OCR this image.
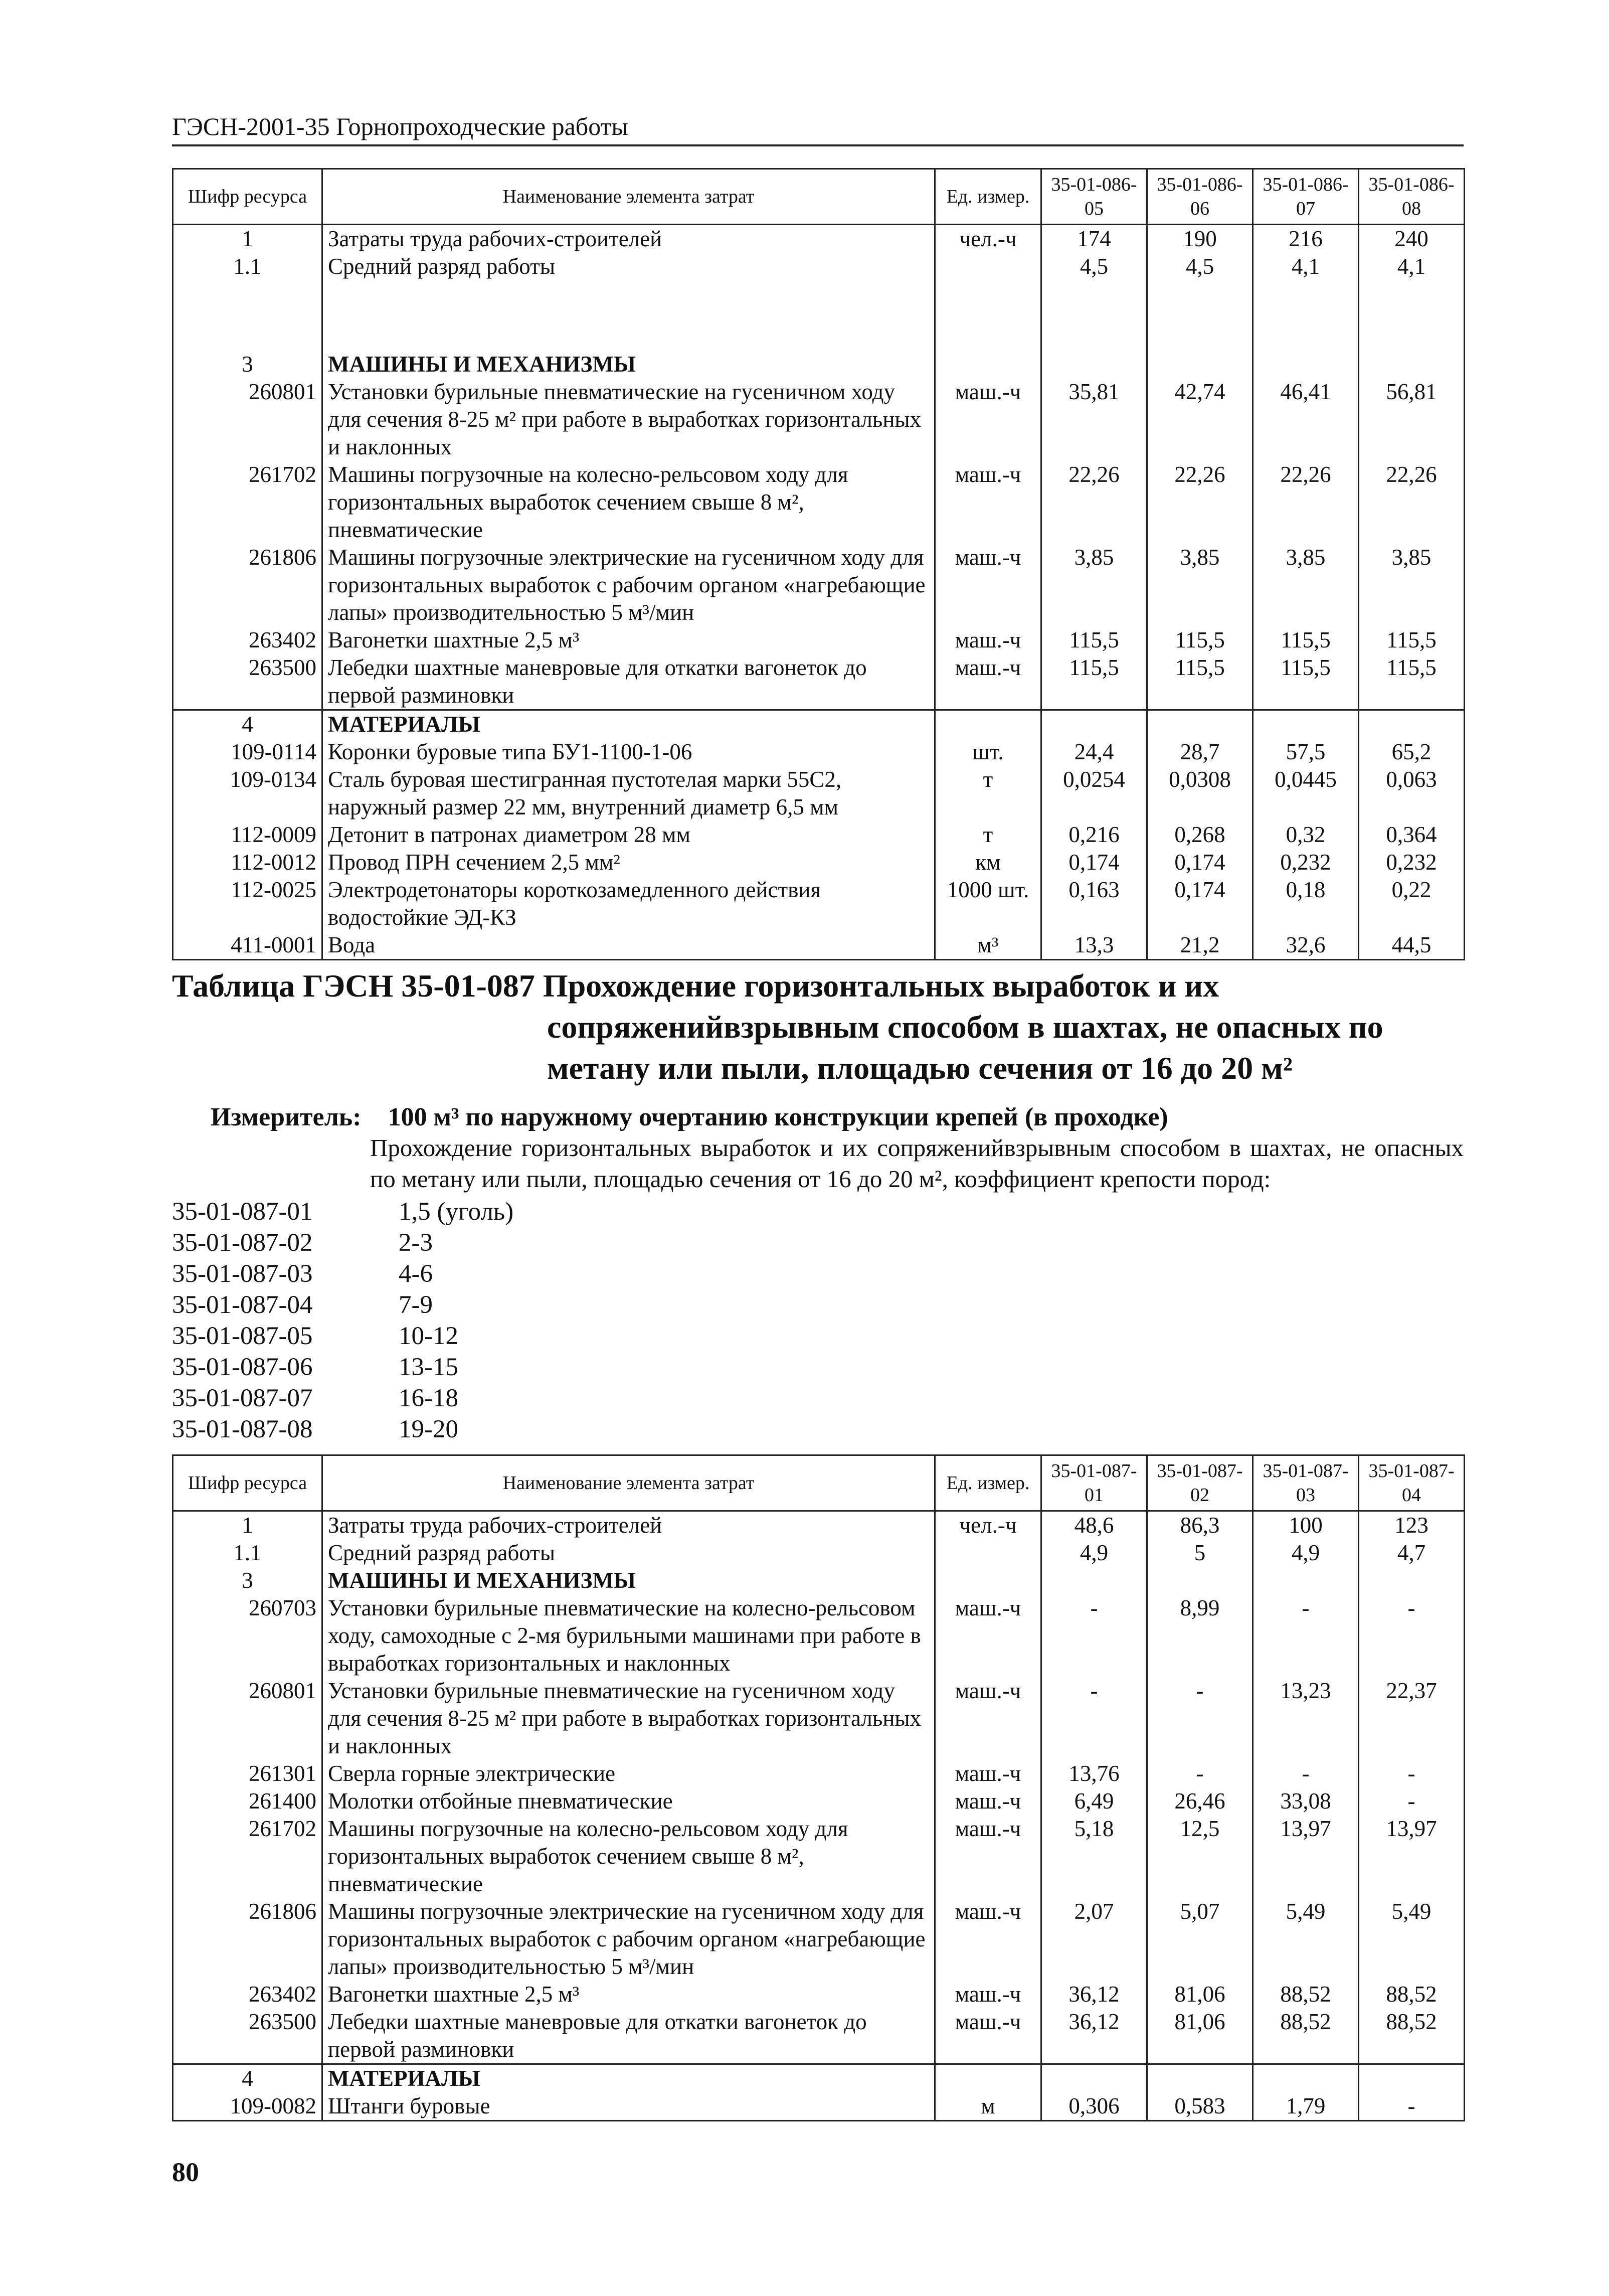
ГЭСН-2001-35 Горнопроходческие работы
Шифр ресурса	Наименование элемента затрат	Ед. измер.	35-01-086-05	35-01-086-06	35-01-086-07	35-01-086-08
1	Затраты труда рабочих-строителей	чел.-ч	174	190	216	240
1.1	Средний разряд работы		4,5	4,5	4,1	4,1

3	МАШИНЫ И МЕХАНИЗМЫ					
260801	Установки бурильные пневматические на гусеничном ходу для сечения 8-25 м² при работе в выработках горизонтальных и наклонных	маш.-ч	35,81	42,74	46,41	56,81
261702	Машины погрузочные на колесно-рельсовом ходу для горизонтальных выработок сечением свыше 8 м², пневматические	маш.-ч	22,26	22,26	22,26	22,26
261806	Машины погрузочные электрические на гусеничном ходу для горизонтальных выработок с рабочим органом «нагребающие лапы» производительностью 5 м³/мин	маш.-ч	3,85	3,85	3,85	3,85
263402	Вагонетки шахтные 2,5 м³	маш.-ч	115,5	115,5	115,5	115,5
263500	Лебедки шахтные маневровые для откатки вагонеток до первой разминовки	маш.-ч	115,5	115,5	115,5	115,5
4	МАТЕРИАЛЫ					
109-0114	Коронки буровые типа БУ1-1100-1-06	шт.	24,4	28,7	57,5	65,2
109-0134	Сталь буровая шестигранная пустотелая марки 55С2, наружный размер 22 мм, внутренний диаметр 6,5 мм	т	0,0254	0,0308	0,0445	0,063
112-0009	Детонит в патронах диаметром 28 мм	т	0,216	0,268	0,32	0,364
112-0012	Провод ПРН сечением 2,5 мм²	км	0,174	0,174	0,232	0,232
112-0025	Электродетонаторы короткозамедленного действия водостойкие ЭД-КЗ	1000 шт.	0,163	0,174	0,18	0,22
411-0001	Вода	м³	13,3	21,2	32,6	44,5
Таблица ГЭСН 35-01-087 Прохождение горизонтальных выработок и их
сопряженийвзрывным способом в шахтах, не опасных по
метану или пыли, площадью сечения от 16 до 20 м²
Измеритель: 100 м³ по наружному очертанию конструкции крепей (в проходке)
Прохождение горизонтальных выработок и их сопряженийвзрывным способом в шахтах, не опасных по метану или пыли, площадью сечения от 16 до 20 м², коэффициент крепости пород:
35-01-087-01	1,5 (уголь)
35-01-087-02	2-3
35-01-087-03	4-6
35-01-087-04	7-9
35-01-087-05	10-12
35-01-087-06	13-15
35-01-087-07	16-18
35-01-087-08	19-20
Шифр ресурса	Наименование элемента затрат	Ед. измер.	35-01-087-01	35-01-087-02	35-01-087-03	35-01-087-04
1	Затраты труда рабочих-строителей	чел.-ч	48,6	86,3	100	123
1.1	Средний разряд работы		4,9	5	4,9	4,7
3	МАШИНЫ И МЕХАНИЗМЫ					
260703	Установки бурильные пневматические на колесно-рельсовом ходу, самоходные с 2-мя бурильными машинами при работе в выработках горизонтальных и наклонных	маш.-ч	-	8,99	-	-
260801	Установки бурильные пневматические на гусеничном ходу для сечения 8-25 м² при работе в выработках горизонтальных и наклонных	маш.-ч	-	-	13,23	22,37
261301	Сверла горные электрические	маш.-ч	13,76	-	-	-
261400	Молотки отбойные пневматические	маш.-ч	6,49	26,46	33,08	-
261702	Машины погрузочные на колесно-рельсовом ходу для горизонтальных выработок сечением свыше 8 м², пневматические	маш.-ч	5,18	12,5	13,97	13,97
261806	Машины погрузочные электрические на гусеничном ходу для горизонтальных выработок с рабочим органом «нагребающие лапы» производительностью 5 м³/мин	маш.-ч	2,07	5,07	5,49	5,49
263402	Вагонетки шахтные 2,5 м³	маш.-ч	36,12	81,06	88,52	88,52
263500	Лебедки шахтные маневровые для откатки вагонеток до первой разминовки	маш.-ч	36,12	81,06	88,52	88,52
4	МАТЕРИАЛЫ					
109-0082	Штанги буровые	м	0,306	0,583	1,79	-
80
